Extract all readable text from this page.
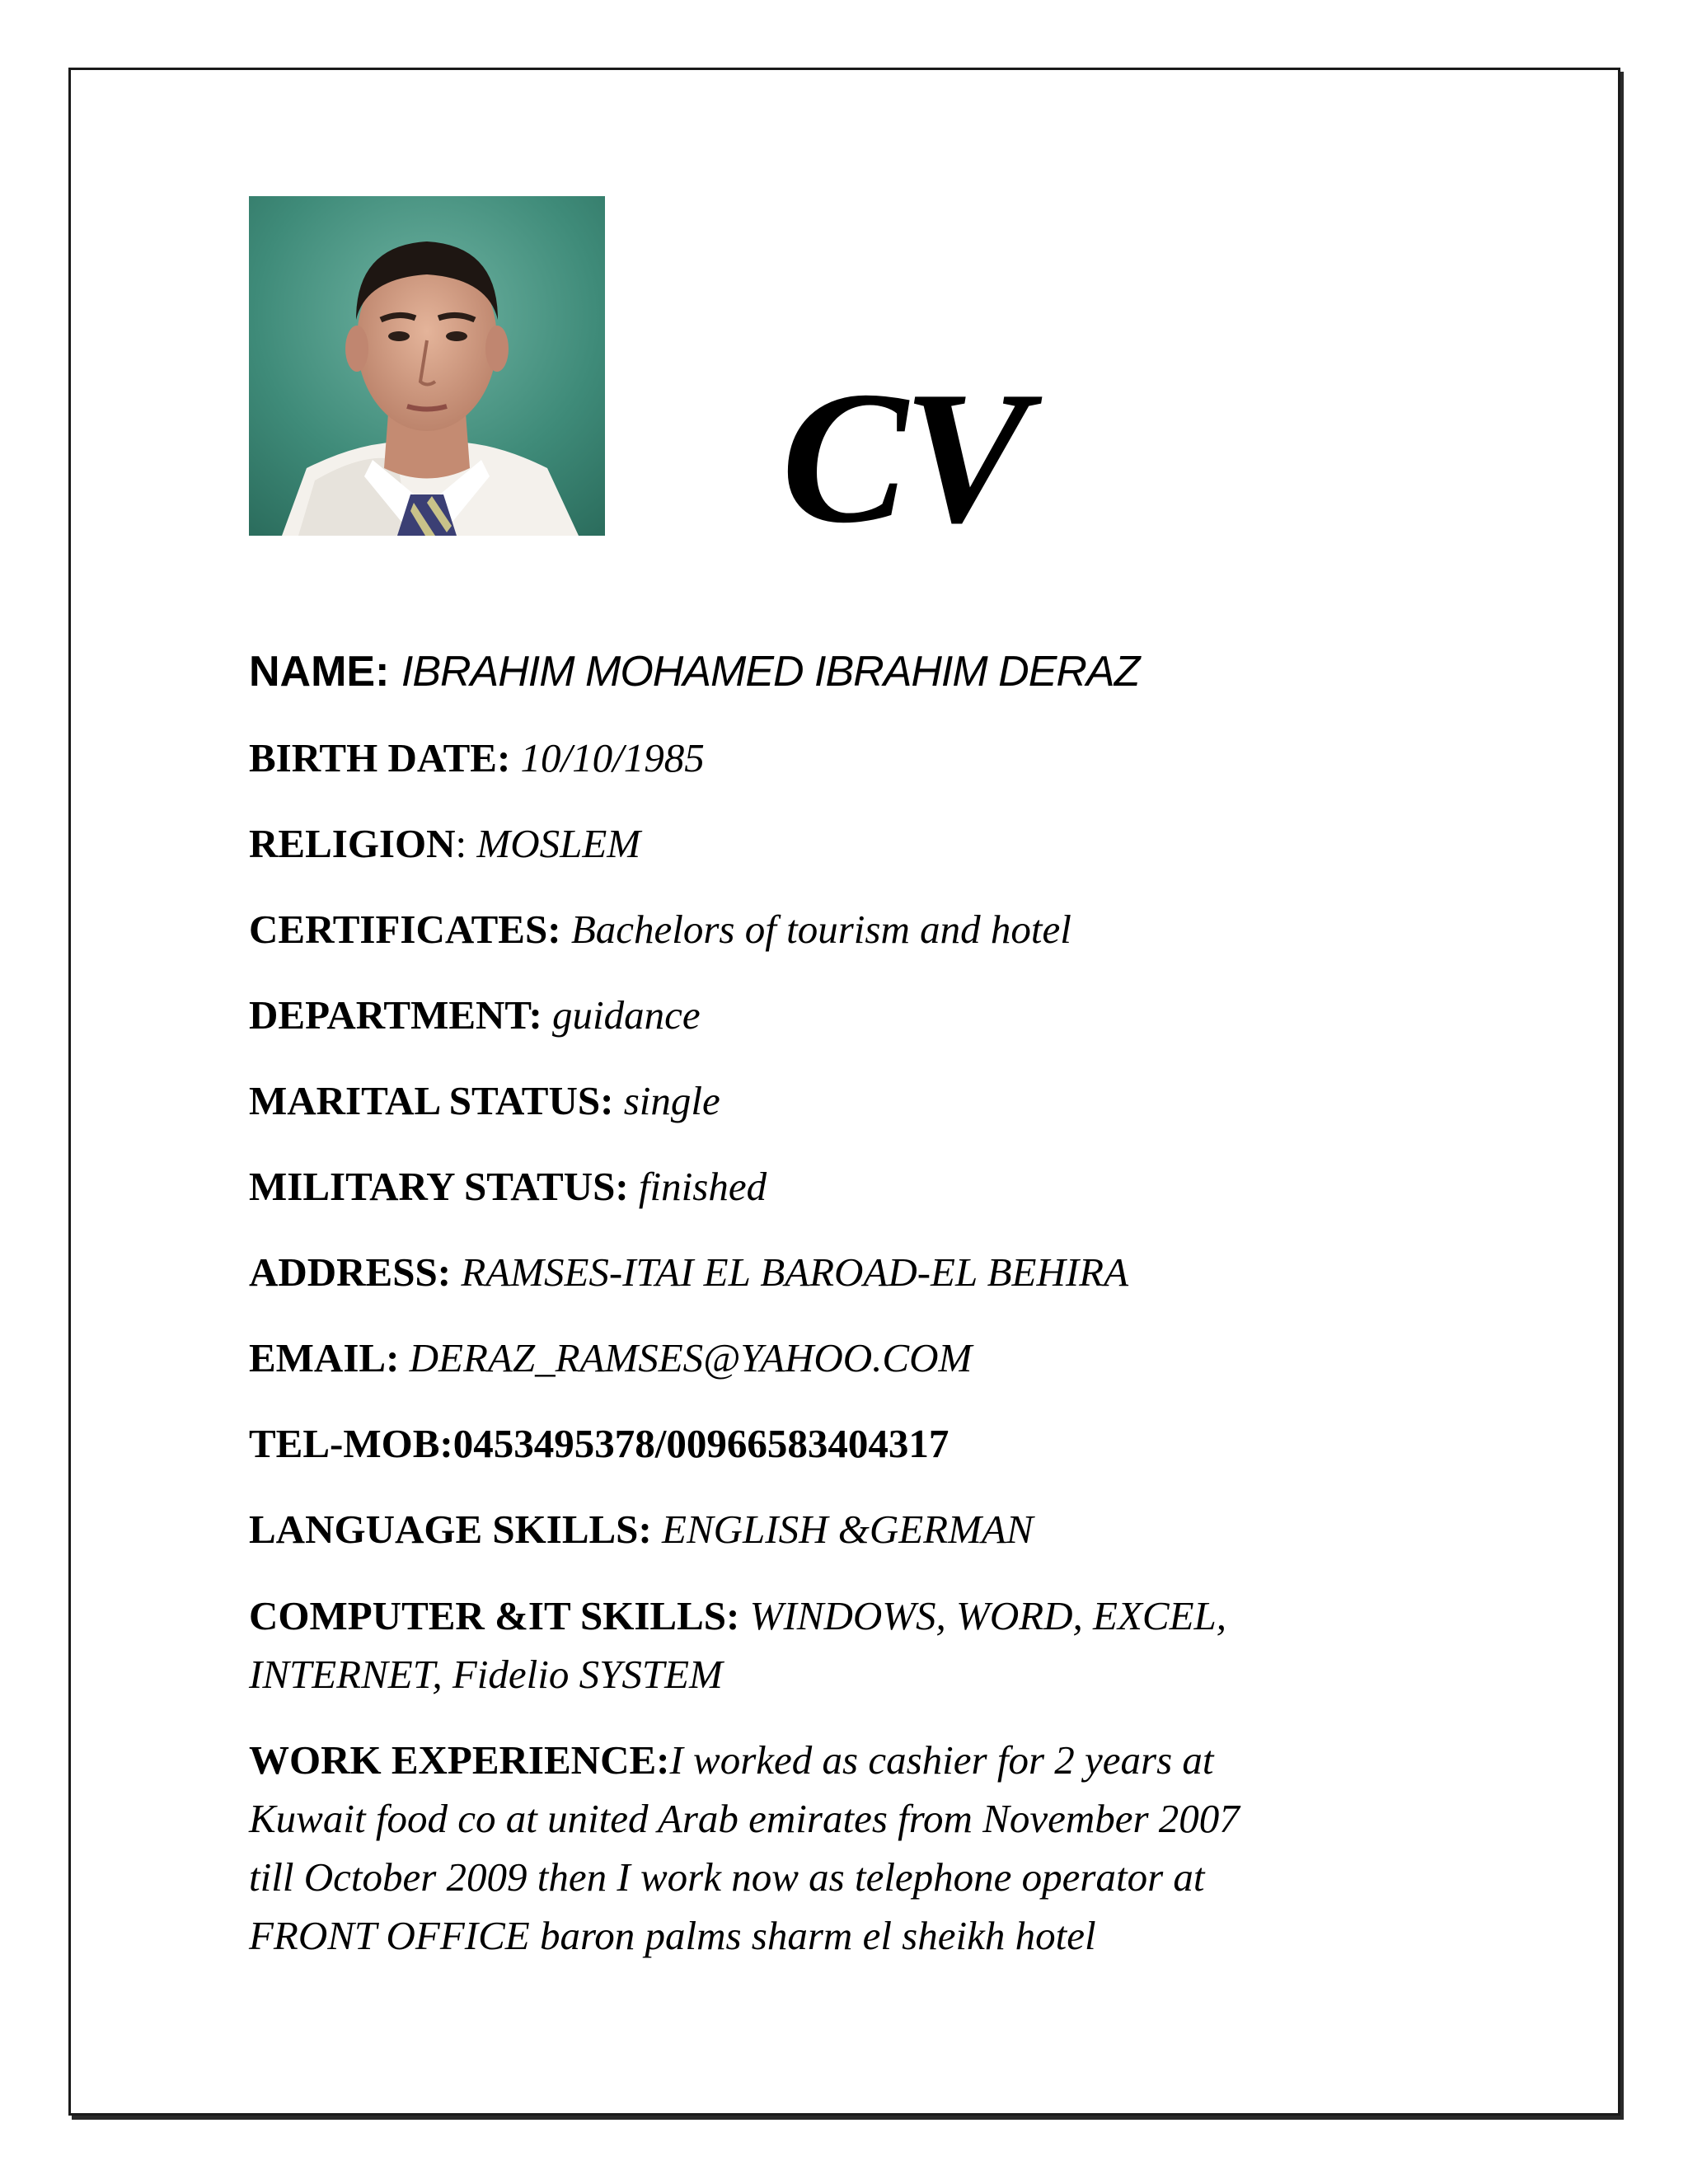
CV
NAME: IBRAHIM MOHAMED IBRAHIM DERAZ
BIRTH DATE: 10/10/1985
RELIGION: MOSLEM
CERTIFICATES: Bachelors of tourism and hotel
DEPARTMENT: guidance
MARITAL STATUS: single
MILITARY STATUS: finished
ADDRESS: RAMSES-ITAI EL BAROAD-EL BEHIRA
EMAIL: DERAZ_RAMSES@YAHOO.COM
TEL-MOB:0453495378/00966583404317
LANGUAGE SKILLS: ENGLISH &GERMAN
COMPUTER &IT SKILLS: WINDOWS, WORD, EXCEL,
INTERNET, Fidelio SYSTEM
WORK EXPERIENCE:I worked as cashier for 2 years at
Kuwait food co at united Arab emirates from November 2007
till October 2009 then I work now as telephone operator at
FRONT OFFICE baron palms sharm el sheikh hotel
